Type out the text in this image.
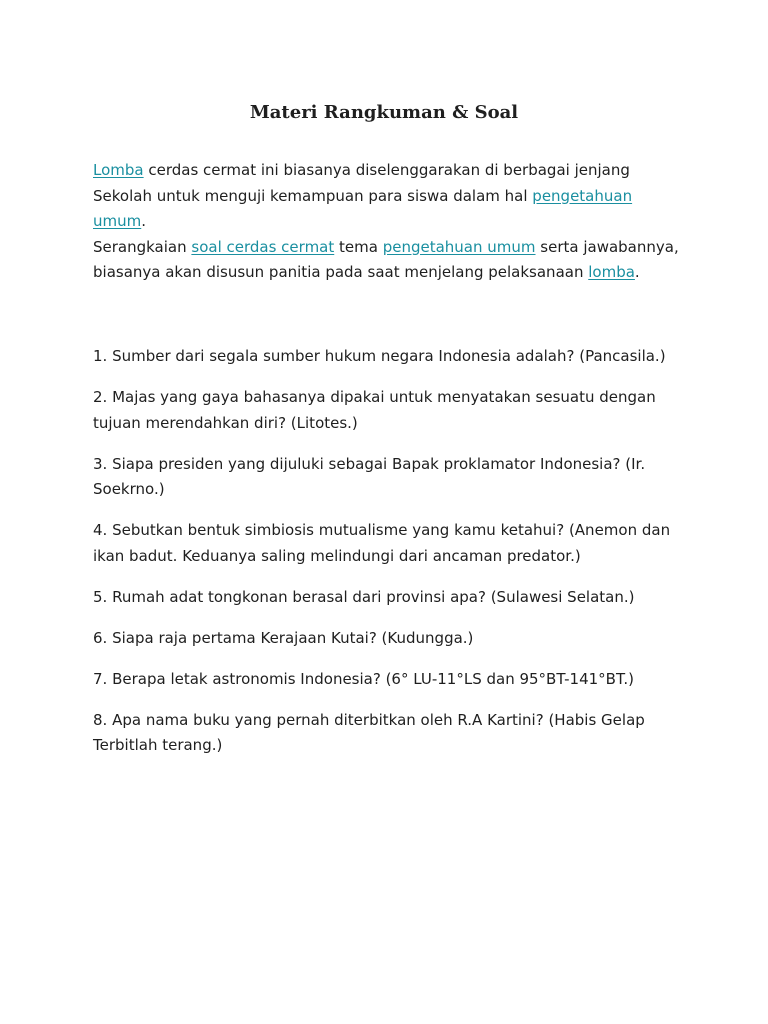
Materi Rangkuman & Soal

Lomba cerdas cermat ini biasanya diselenggarakan di berbagai jenjang Sekolah untuk menguji kemampuan para siswa dalam hal pengetahuan umum.

Serangkaian soal cerdas cermat tema pengetahuan umum serta jawabannya, biasanya akan disusun panitia pada saat menjelang pelaksanaan lomba.

1. Sumber dari segala sumber hukum negara Indonesia adalah? (Pancasila.)
2. Majas yang gaya bahasanya dipakai untuk menyatakan sesuatu dengan tujuan merendahkan diri? (Litotes.)
3. Siapa presiden yang dijuluki sebagai Bapak proklamator Indonesia? (Ir. Soekrno.)
4. Sebutkan bentuk simbiosis mutualisme yang kamu ketahui? (Anemon dan ikan badut. Keduanya saling melindungi dari ancaman predator.)
5. Rumah adat tongkonan berasal dari provinsi apa? (Sulawesi Selatan.)
6. Siapa raja pertama Kerajaan Kutai? (Kudungga.)
7. Berapa letak astronomis Indonesia? (6° LU-11°LS dan 95°BT-141°BT.)
8. Apa nama buku yang pernah diterbitkan oleh R.A Kartini? (Habis Gelap Terbitlah terang.)
